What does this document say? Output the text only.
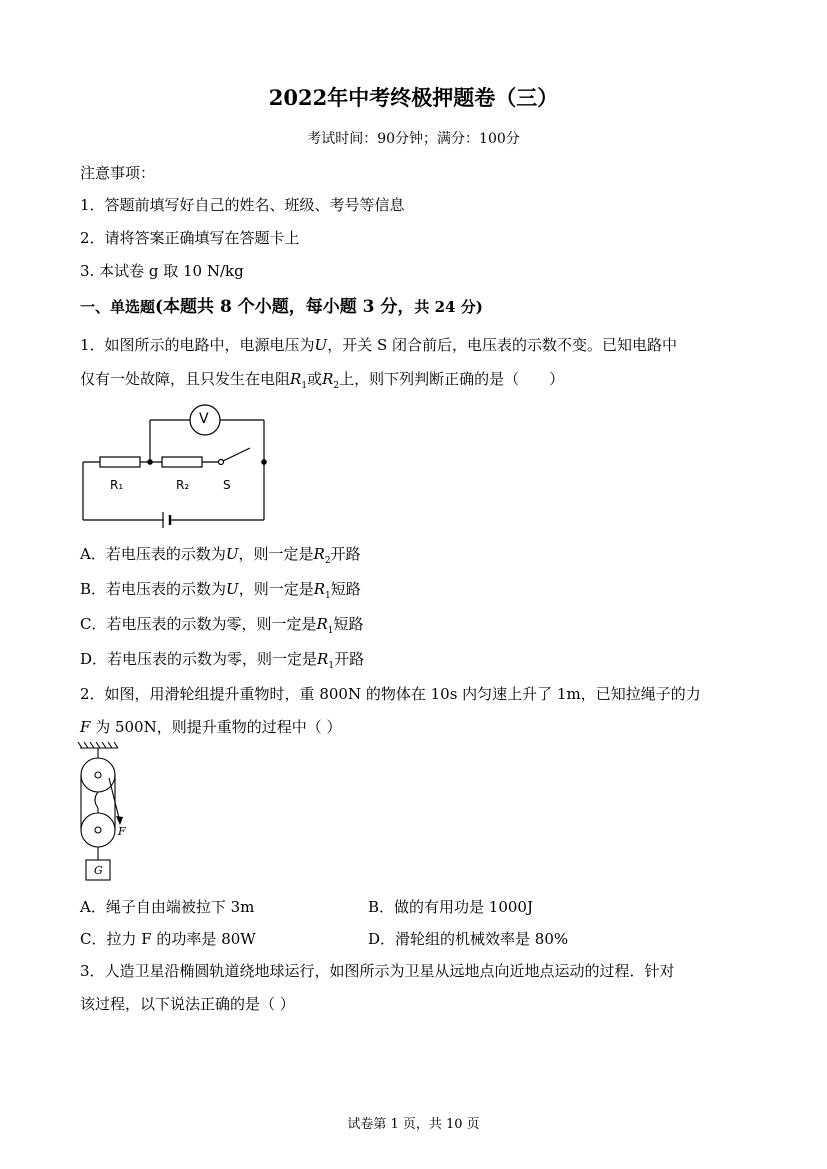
2022年中考终极押题卷（三）
考试时间：90分钟；满分：100分
注意事项：
1．答题前填写好自己的姓名、班级、考号等信息
2．请将答案正确填写在答题卡上
3. 本试卷 g 取 10 N/kg
一、单选题(本题共 8 个小题，每小题 3 分，共 24 分)
1．如图所示的电路中，电源电压为U，开关 S 闭合前后，电压表的示数不变。已知电路中
仅有一处故障，且只发生在电阻$R_1$或$R_2$上，则下列判断正确的是（　　）
V
R₁	R₂	S
A．若电压表的示数为U，则一定是$R_2$开路
B．若电压表的示数为U，则一定是$R_1$短路
C．若电压表的示数为零，则一定是$R_1$短路
D．若电压表的示数为零，则一定是$R_1$开路
2．如图，用滑轮组提升重物时，重 800N 的物体在 10s 内匀速上升了 1m，已知拉绳子的力
F 为 500N，则提升重物的过程中（ ）
F
G
A．绳子自由端被拉下 3m	B．做的有用功是 1000J
C．拉力 F 的功率是 80W	D．滑轮组的机械效率是 80%
3．人造卫星沿椭圆轨道绕地球运行，如图所示为卫星从远地点向近地点运动的过程．针对
该过程，以下说法正确的是（ ）
试卷第 1 页，共 10 页
